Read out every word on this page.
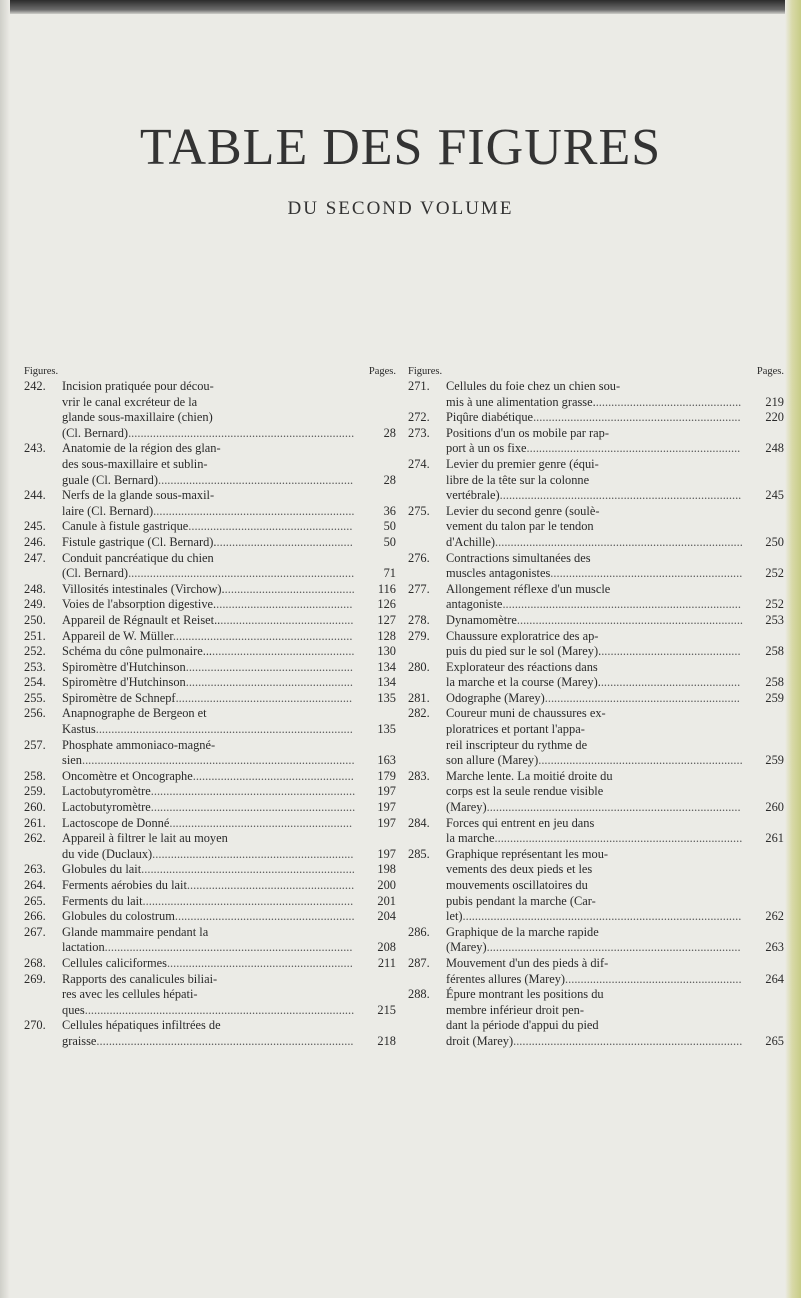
TABLE DES FIGURES
DU SECOND VOLUME
Figures.	Pages.
242.	Incision pratiquée pour décou-
vrir le canal excréteur de la
glande sous-maxillaire (chien)
(Cl. Bernard).........................................................................	28
243.	Anatomie de la région des glan-
des sous-maxillaire et sublin-
guale (Cl. Bernard)...............................................................	28
244.	Nerfs de la glande sous-maxil-
laire (Cl. Bernard).................................................................	36
245.	Canule à fistule gastrique.....................................................	50
246.	Fistule gastrique (Cl. Bernard).............................................	50
247.	Conduit pancréatique du chien
(Cl. Bernard).........................................................................	71
248.	Villosités intestinales (Virchow)...........................................	116
249.	Voies de l'absorption digestive.............................................	126
250.	Appareil de Régnault et Reiset.............................................	127
251.	Appareil de W. Müller..........................................................	128
252.	Schéma du cône pulmonaire.................................................	130
253.	Spiromètre d'Hutchinson......................................................	134
254.	Spiromètre d'Hutchinson......................................................	134
255.	Spiromètre de Schnepf.........................................................	135
256.	Anapnographe de Bergeon et
Kastus...................................................................................	135
257.	Phosphate ammoniaco-magné-
sien........................................................................................	163
258.	Oncomètre et Oncographe....................................................	179
259.	Lactobutyromètre..................................................................	197
260.	Lactobutyromètre..................................................................	197
261.	Lactoscope de Donné...........................................................	197
262.	Appareil à filtrer le lait au moyen
du vide (Duclaux).................................................................	197
263.	Globules du lait.....................................................................	198
264.	Ferments aérobies du lait......................................................	200
265.	Ferments du lait....................................................................	201
266.	Globules du colostrum..........................................................	204
267.	Glande mammaire pendant la
lactation................................................................................	208
268.	Cellules caliciformes............................................................	211
269.	Rapports des canalicules biliai-
res avec les cellules hépati-
ques.......................................................................................	215
270.	Cellules hépatiques infiltrées de
graisse...................................................................................	218
Figures.	Pages.
271.	Cellules du foie chez un chien sou-
mis à une alimentation grasse................................................	219
272.	Piqûre diabétique...................................................................	220
273.	Positions d'un os mobile par rap-
port à un os fixe.....................................................................	248
274.	Levier du premier genre (équi-
libre de la tête sur la colonne
vertébrale)..............................................................................	245
275.	Levier du second genre (soulè-
vement du talon par le tendon
d'Achille)................................................................................	250
276.	Contractions simultanées des
muscles antagonistes..............................................................	252
277.	Allongement réflexe d'un muscle
antagoniste.............................................................................	252
278.	Dynamomètre.........................................................................	253
279.	Chaussure exploratrice des ap-
puis du pied sur le sol (Marey)..............................................	258
280.	Explorateur des réactions dans
la marche et la course (Marey)..............................................	258
281.	Odographe (Marey)...............................................................	259
282.	Coureur muni de chaussures ex-
ploratrices et portant l'appa-
reil inscripteur du rythme de
son allure (Marey)..................................................................	259
283.	Marche lente. La moitié droite du
corps est la seule rendue visible
(Marey)..................................................................................	260
284.	Forces qui entrent en jeu dans
la marche................................................................................	261
285.	Graphique représentant les mou-
vements des deux pieds et les
mouvements oscillatoires du
pubis pendant la marche (Car-
let)..........................................................................................	262
286.	Graphique de la marche rapide
(Marey)..................................................................................	263
287.	Mouvement d'un des pieds à dif-
férentes allures (Marey).........................................................	264
288.	Épure montrant les positions du
membre inférieur droit pen-
dant la période d'appui du pied
droit (Marey)..........................................................................	265
